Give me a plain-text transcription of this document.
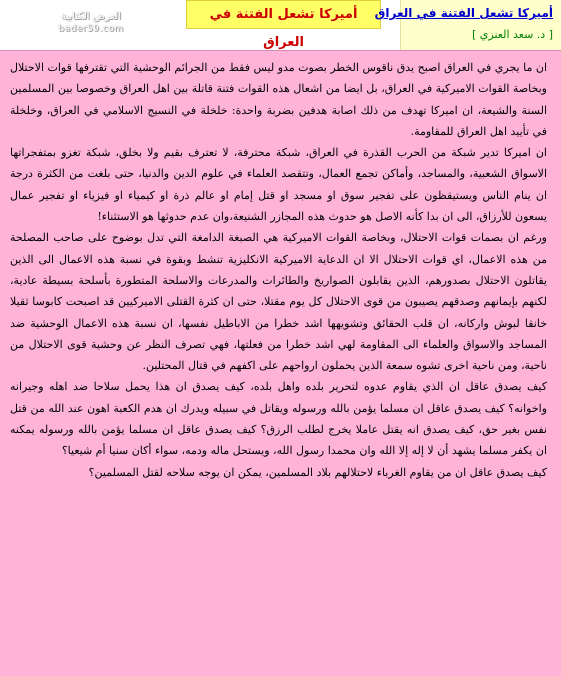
العرض الكتابية
bader59.com
أميركا تشعل الفتنة في العراق
أميركا تشعل الفتنة في العراق
[ د. سعد العنزي ]

ان ما يجري في العراق اصبح يدق ناقوس الخطر بصوت مدو ليس فقط من الجرائم الوحشية التي تقترفها قوات الاحتلال وبخاصة القوات الاميركية في العراق، بل ايضا من اشعال هذه القوات فتنة قاتلة بين اهل العراق وخصوصا بين المسلمين السنة والشيعة، ان اميركا تهدف من ذلك اصابة هدفين بضربة واحدة: خلخلة في النسيج الاسلامي في العراق، وخلخلة في تأييد اهل العراق للمقاومة.

ان اميركا تدير شبكة من الحرب القذرة في العراق، شبكة محترفة، لا تعترف بقيم ولا بخلق، شبكة تغزو بمتفجراتها الاسواق الشعبية، والمساجد، وأماكن تجمع العمال، وتتقصد العلماء في علوم الدين والدنيا، حتى بلغت من الكثرة درجة ان ينام الناس ويستيقظون على تفجير سوق او مسجد او قتل إمام او عالم ذرة او كيمياء او فيزياء او تفجير عمال يسعون للأرزاق، الى ان بدا كأنه الاصل هو حدوث هذه المجازر الشنيعة،وان عدم حدوثها هو الاستثناء!

ورغم ان بصمات قوات الاحتلال، وبخاصة القوات الاميركية هي الصبغة الدامغة التي تدل بوضوح على صاحب المصلحة من هذه الاعمال، اي قوات الاحتلال الا ان الدعاية الاميركية الانكليزية تنشط وبقوة في نسبة هذه الاعمال الى الذين يقاتلون الاحتلال بصدورهم، الذين يقابلون الصواريخ والطائرات والمدرعات والاسلحة المتطورة بأسلحة بسيطة عادية، لكنهم بإيمانهم وصدقهم يصيبون من قوى الاحتلال كل يوم مقتلا، حتى ان كثرة القتلى الاميركيين قد اصبحت كابوسا ثقيلا خانقا لبوش واركانه، ان قلب الحقائق وتشويهها اشد خطرا من الاباطيل نفسها، ان نسبة هذه الاعمال الوحشية ضد المساجد والاسواق والعلماء الى المقاومة لهي اشد خطرا من فعلتها، فهي تصرف النظر عن وحشية قوى الاحتلال من ناحية، ومن ناحية اخرى تشوه سمعة الذين يحملون ارواحهم على اكفهم في قتال المحتلين.

كيف يصدق عاقل ان الذي يقاوم عدوه لتحرير بلده واهل بلده، كيف يصدق ان هذا يحمل سلاحا ضد اهله وجيرانه واخوانه؟ كيف يصدق عاقل ان مسلما يؤمن بالله ورسوله ويقاتل في سبيله ويدرك ان هدم الكعبة اهون عند الله من قتل نفس بغير حق، كيف يصدق انه يقتل عاملا يخرج لطلب الرزق؟ كيف يصدق عاقل ان مسلما يؤمن بالله ورسوله يمكنه ان يكفر مسلما يشهد أن لا إله إلا الله وان محمدا رسول الله، ويستحل ماله ودمه، سواء أكان سنيا أم شيعيا؟

كيف يصدق عاقل ان من يقاوم الغرباء لاحتلالهم بلاد المسلمين، يمكن ان يوجه سلاحه لقتل المسلمين؟
